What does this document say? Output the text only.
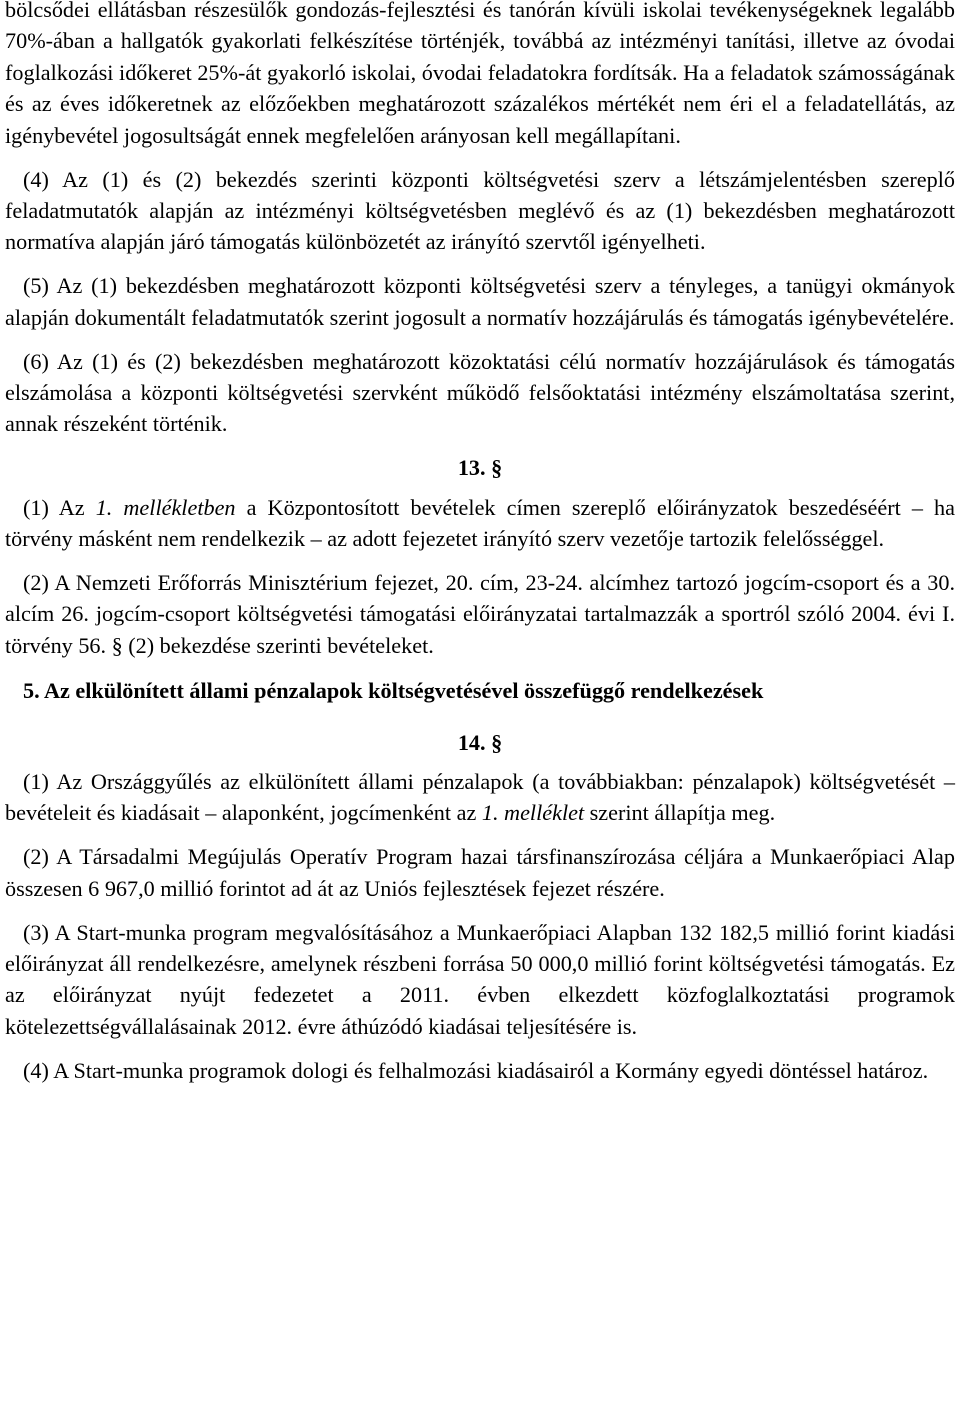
bölcsődei ellátásban részesülők gondozás-fejlesztési és tanórán kívüli iskolai tevékenységeknek legalább 70%-ában a hallgatók gyakorlati felkészítése történjék, továbbá az intézményi tanítási, illetve az óvodai foglalkozási időkeret 25%-át gyakorló iskolai, óvodai feladatokra fordítsák. Ha a feladatok számosságának és az éves időkeretnek az előzőekben meghatározott százalékos mértékét nem éri el a feladatellátás, az igénybevétel jogosultságát ennek megfelelően arányosan kell megállapítani.

(4) Az (1) és (2) bekezdés szerinti központi költségvetési szerv a létszámjelentésben szereplő feladatmutatók alapján az intézményi költségvetésben meglévő és az (1) bekezdésben meghatározott normatíva alapján járó támogatás különbözetét az irányító szervtől igényelheti.

(5) Az (1) bekezdésben meghatározott központi költségvetési szerv a tényleges, a tanügyi okmányok alapján dokumentált feladatmutatók szerint jogosult a normatív hozzájárulás és támogatás igénybevételére.

(6) Az (1) és (2) bekezdésben meghatározott közoktatási célú normatív hozzájárulások és támogatás elszámolása a központi költségvetési szervként működő felsőoktatási intézmény elszámoltatása szerint, annak részeként történik.

13. §

(1) Az 1. mellékletben a Központosított bevételek címen szereplő előirányzatok beszedéséért – ha törvény másként nem rendelkezik – az adott fejezetet irányító szerv vezetője tartozik felelősséggel.

(2) A Nemzeti Erőforrás Minisztérium fejezet, 20. cím, 23-24. alcímhez tartozó jogcím-csoport és a 30. alcím 26. jogcím-csoport költségvetési támogatási előirányzatai tartalmazzák a sportról szóló 2004. évi I. törvény 56. § (2) bekezdése szerinti bevételeket.

5. Az elkülönített állami pénzalapok költségvetésével összefüggő rendelkezések

14. §

(1) Az Országgyűlés az elkülönített állami pénzalapok (a továbbiakban: pénzalapok) költségvetését – bevételeit és kiadásait – alaponként, jogcímenként az 1. melléklet szerint állapítja meg.

(2) A Társadalmi Megújulás Operatív Program hazai társfinanszírozása céljára a Munkaerőpiaci Alap összesen 6 967,0 millió forintot ad át az Uniós fejlesztések fejezet részére.

(3) A Start-munka program megvalósításához a Munkaerőpiaci Alapban 132 182,5 millió forint kiadási előirányzat áll rendelkezésre, amelynek részbeni forrása 50 000,0 millió forint költségvetési támogatás. Ez az előirányzat nyújt fedezetet a 2011. évben elkezdett közfoglalkoztatási programok kötelezettségvállalásainak 2012. évre áthúzódó kiadásai teljesítésére is.

(4) A Start-munka programok dologi és felhalmozási kiadásairól a Kormány egyedi döntéssel határoz.
